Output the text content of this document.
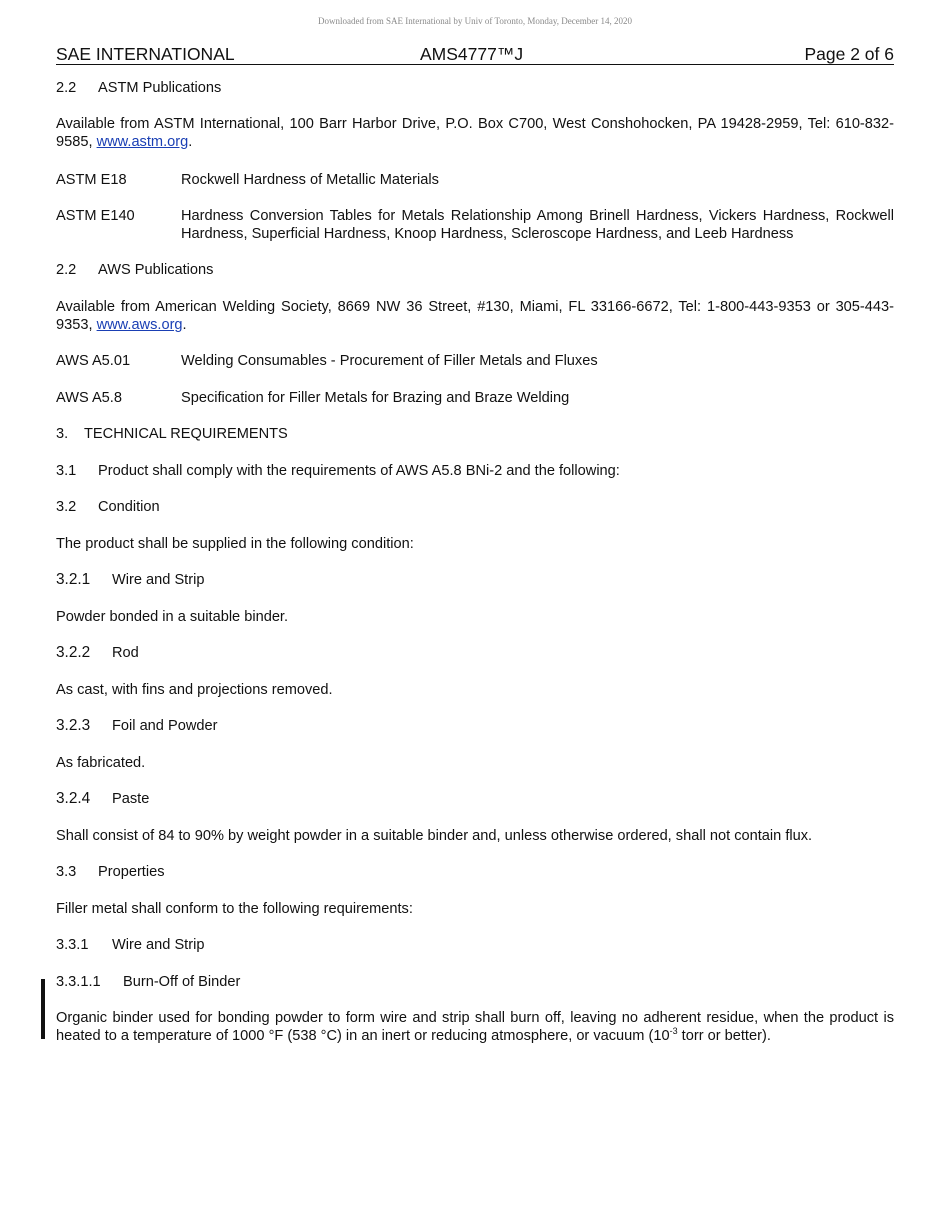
Downloaded from SAE International by Univ of Toronto, Monday, December 14, 2020
SAE INTERNATIONAL	AMS4777™J	Page 2 of 6
2.2 ASTM Publications
Available from ASTM International, 100 Barr Harbor Drive, P.O. Box C700, West Conshohocken, PA 19428-2959, Tel: 610-832-9585, www.astm.org.
ASTM E18	Rockwell Hardness of Metallic Materials
ASTM E140	Hardness Conversion Tables for Metals Relationship Among Brinell Hardness, Vickers Hardness, Rockwell Hardness, Superficial Hardness, Knoop Hardness, Scleroscope Hardness, and Leeb Hardness
2.2 AWS Publications
Available from American Welding Society, 8669 NW 36 Street, #130, Miami, FL 33166-6672, Tel: 1-800-443-9353 or 305-443-9353, www.aws.org.
AWS A5.01	Welding Consumables - Procurement of Filler Metals and Fluxes
AWS A5.8	Specification for Filler Metals for Brazing and Braze Welding
3. TECHNICAL REQUIREMENTS
3.1 Product shall comply with the requirements of AWS A5.8 BNi-2 and the following:
3.2 Condition
The product shall be supplied in the following condition:
3.2.1 Wire and Strip
Powder bonded in a suitable binder.
3.2.2 Rod
As cast, with fins and projections removed.
3.2.3 Foil and Powder
As fabricated.
3.2.4 Paste
Shall consist of 84 to 90% by weight powder in a suitable binder and, unless otherwise ordered, shall not contain flux.
3.3 Properties
Filler metal shall conform to the following requirements:
3.3.1 Wire and Strip
3.3.1.1 Burn-Off of Binder
Organic binder used for bonding powder to form wire and strip shall burn off, leaving no adherent residue, when the product is heated to a temperature of 1000 °F (538 °C) in an inert or reducing atmosphere, or vacuum ($10^{-3}$ torr or better).
